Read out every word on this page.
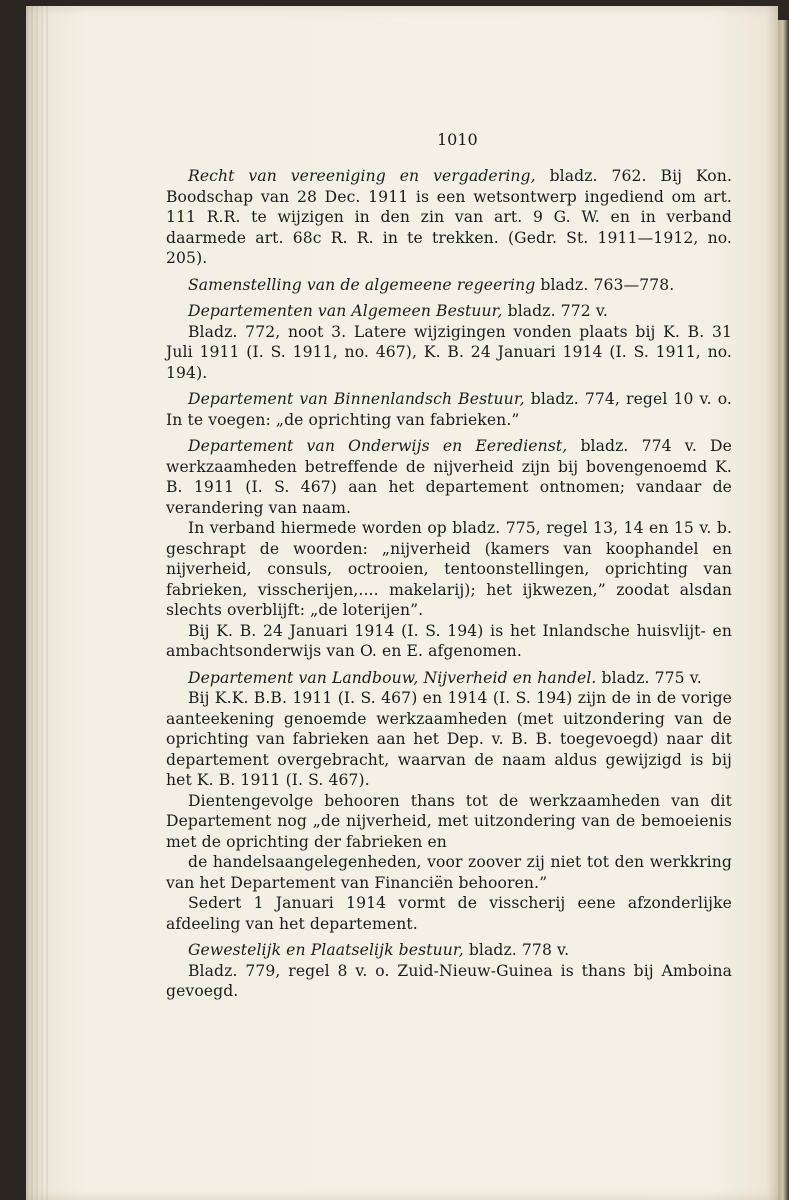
1010

Recht van vereeniging en vergadering, bladz. 762. Bij Kon. Boodschap van 28 Dec. 1911 is een wetsontwerp ingediend om art. 111 R.R. te wijzigen in den zin van art. 9 G. W. en in verband daarmede art. 68c R. R. in te trekken. (Gedr. St. 1911—1912, no. 205).

Samenstelling van de algemeene regeering bladz. 763—778.

Departementen van Algemeen Bestuur, bladz. 772 v.

Bladz. 772, noot 3. Latere wijzigingen vonden plaats bij K. B. 31 Juli 1911 (I. S. 1911, no. 467), K. B. 24 Januari 1914 (I. S. 1911, no. 194).

Departement van Binnenlandsch Bestuur, bladz. 774, regel 10 v. o. In te voegen: „de oprichting van fabrieken.”

Departement van Onderwijs en Eeredienst, bladz. 774 v. De werkzaamheden betreffende de nijverheid zijn bij bovengenoemd K. B. 1911 (I. S. 467) aan het departement ontnomen; vandaar de verandering van naam.

In verband hiermede worden op bladz. 775, regel 13, 14 en 15 v. b. geschrapt de woorden: „nijverheid (kamers van koophandel en nijverheid, consuls, octrooien, tentoonstellingen, oprichting van fabrieken, visscherijen,.... makelarij); het ijkwezen,” zoodat alsdan slechts overblijft: „de loterijen”.

Bij K. B. 24 Januari 1914 (I. S. 194) is het Inlandsche huisvlijt- en ambachtsonderwijs van O. en E. afgenomen.

Departement van Landbouw, Nijverheid en handel. bladz. 775 v.

Bij K.K. B.B. 1911 (I. S. 467) en 1914 (I. S. 194) zijn de in de vorige aanteekening genoemde werkzaamheden (met uitzondering van de oprichting van fabrieken aan het Dep. v. B. B. toegevoegd) naar dit departement overgebracht, waarvan de naam aldus gewijzigd is bij het K. B. 1911 (I. S. 467).

Dientengevolge behooren thans tot de werkzaamheden van dit Departement nog „de nijverheid, met uitzondering van de bemoeienis met de oprichting der fabrieken en

de handelsaangelegenheden, voor zoover zij niet tot den werkkring van het Departement van Financiën behooren.”

Sedert 1 Januari 1914 vormt de visscherij eene afzonderlijke afdeeling van het departement.

Gewestelijk en Plaatselijk bestuur, bladz. 778 v.

Bladz. 779, regel 8 v. o. Zuid-Nieuw-Guinea is thans bij Amboina gevoegd.
